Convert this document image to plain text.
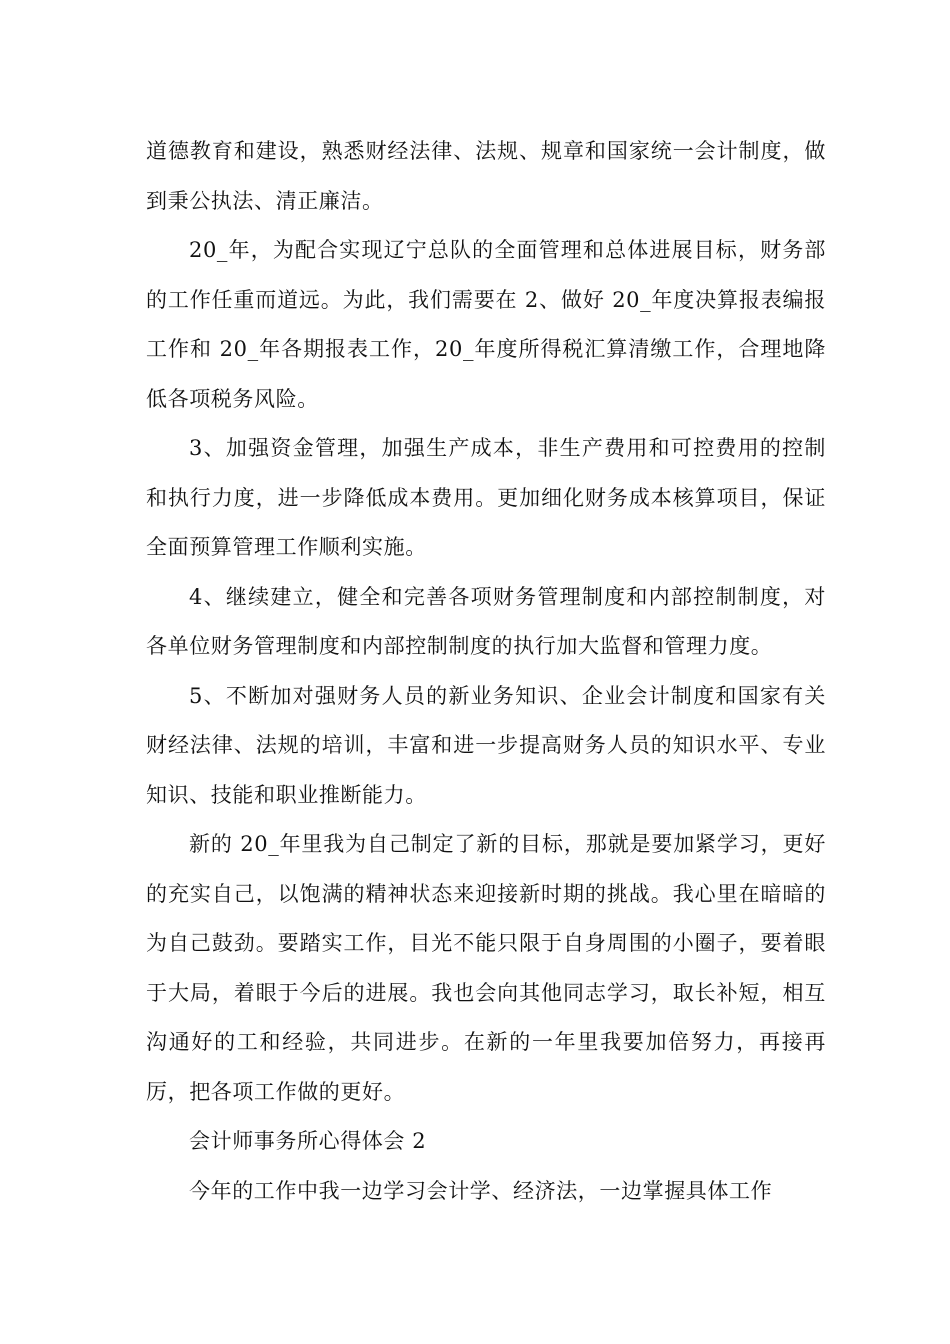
道德教育和建设，熟悉财经法律、法规、规章和国家统一会计制度，做到秉公执法、清正廉洁。

20_年，为配合实现辽宁总队的全面管理和总体进展目标，财务部的工作任重而道远。为此，我们需要在 2、做好 20_年度决算报表编报工作和 20_年各期报表工作，20_年度所得税汇算清缴工作，合理地降低各项税务风险。

3、加强资金管理，加强生产成本，非生产费用和可控费用的控制和执行力度，进一步降低成本费用。更加细化财务成本核算项目，保证全面预算管理工作顺利实施。

4、继续建立，健全和完善各项财务管理制度和内部控制制度，对各单位财务管理制度和内部控制制度的执行加大监督和管理力度。

5、不断加对强财务人员的新业务知识、企业会计制度和国家有关财经法律、法规的培训，丰富和进一步提高财务人员的知识水平、专业知识、技能和职业推断能力。

新的 20_年里我为自己制定了新的目标，那就是要加紧学习，更好的充实自己，以饱满的精神状态来迎接新时期的挑战。我心里在暗暗的为自己鼓劲。要踏实工作，目光不能只限于自身周围的小圈子，要着眼于大局，着眼于今后的进展。我也会向其他同志学习，取长补短，相互沟通好的工和经验，共同进步。在新的一年里我要加倍努力，再接再厉，把各项工作做的更好。

会计师事务所心得体会 2

今年的工作中我一边学习会计学、经济法，一边掌握具体工作
